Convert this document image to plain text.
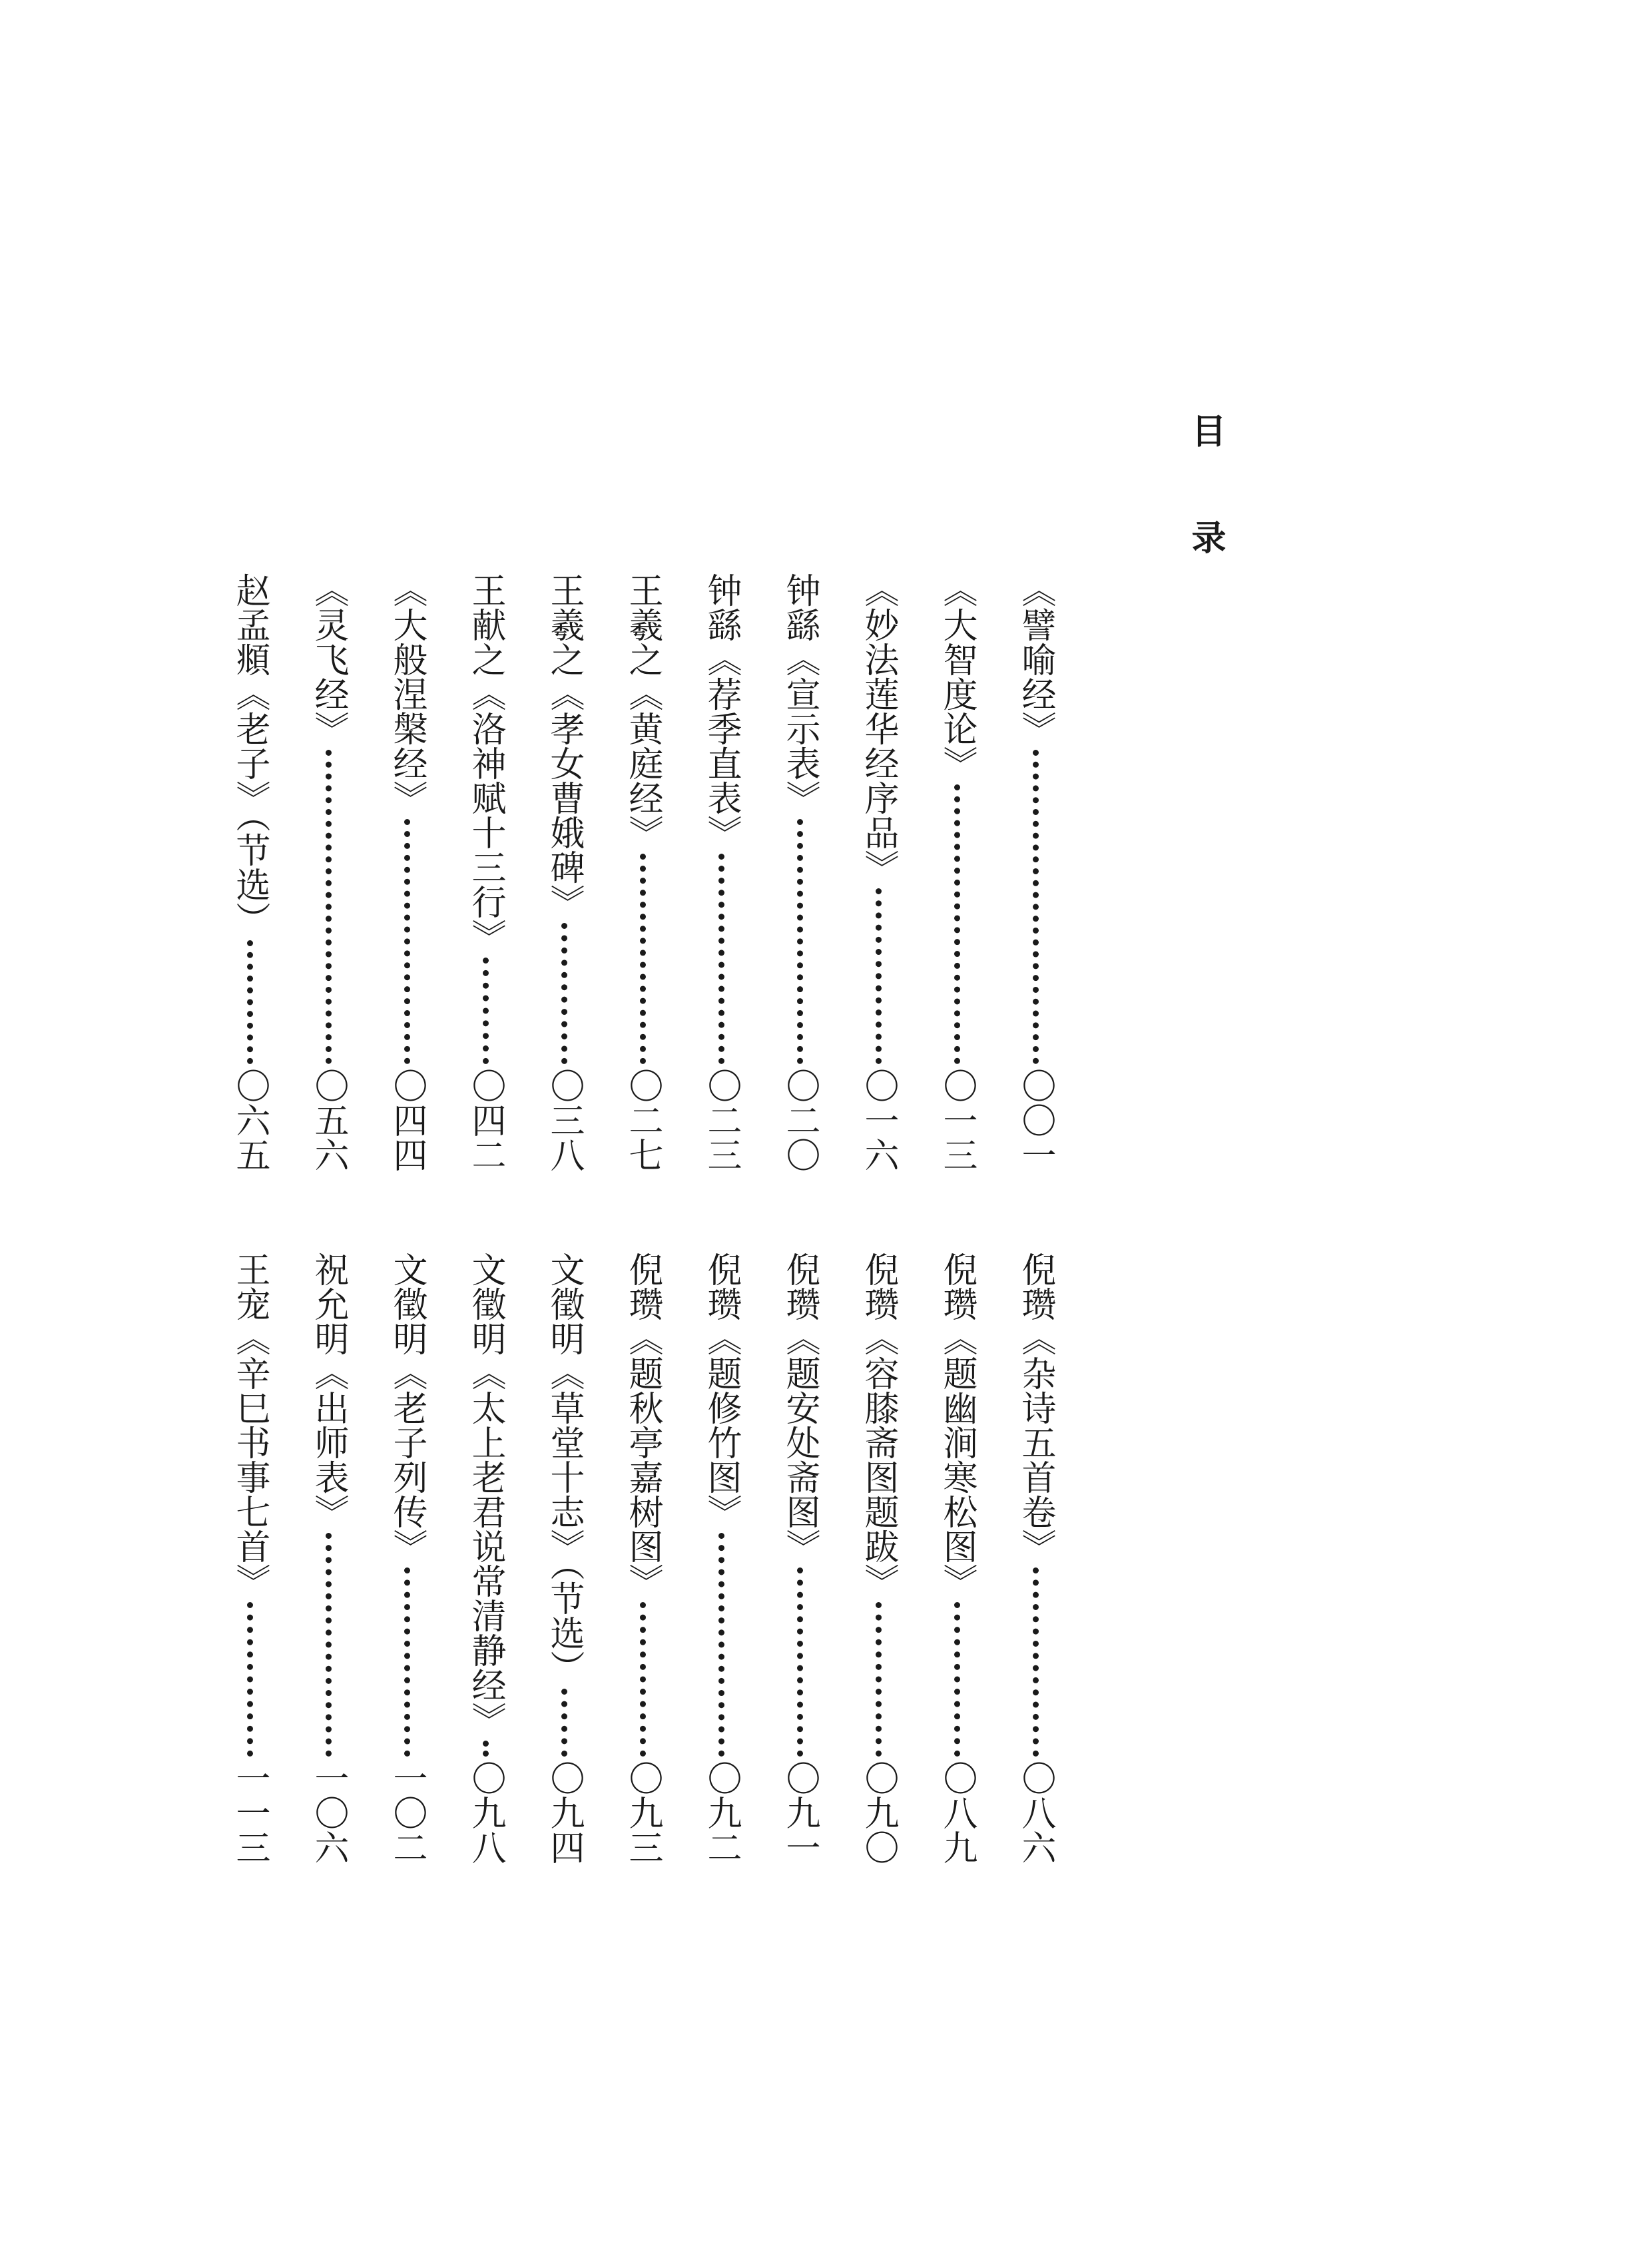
目 录
《譬喻经》
〇〇一
《大智度论》
〇一三
《妙法莲华经序品》
〇一六
钟繇《宣示表》
〇二〇
钟繇《荐季直表》
〇二三
王羲之《黄庭经》
〇二七
王羲之《孝女曹娥碑》
〇三八
王献之《洛神赋十三行》
〇四二
《大般涅槃经》
〇四四
《灵飞经》
〇五六
赵孟頫《老子》（节选）
〇六五
倪瓒《杂诗五首卷》
〇八六
倪瓒《题幽涧寒松图》
〇八九
倪瓒《容膝斋图题跋》
〇九〇
倪瓒《题安处斋图》
〇九一
倪瓒《题修竹图》
〇九二
倪瓒《题秋亭嘉树图》
〇九三
文徵明《草堂十志》（节选）
〇九四
文徵明《太上老君说常清静经》
〇九八
文徵明《老子列传》
一〇二
祝允明《出师表》
一〇六
王宠《辛巳书事七首》
一一三
